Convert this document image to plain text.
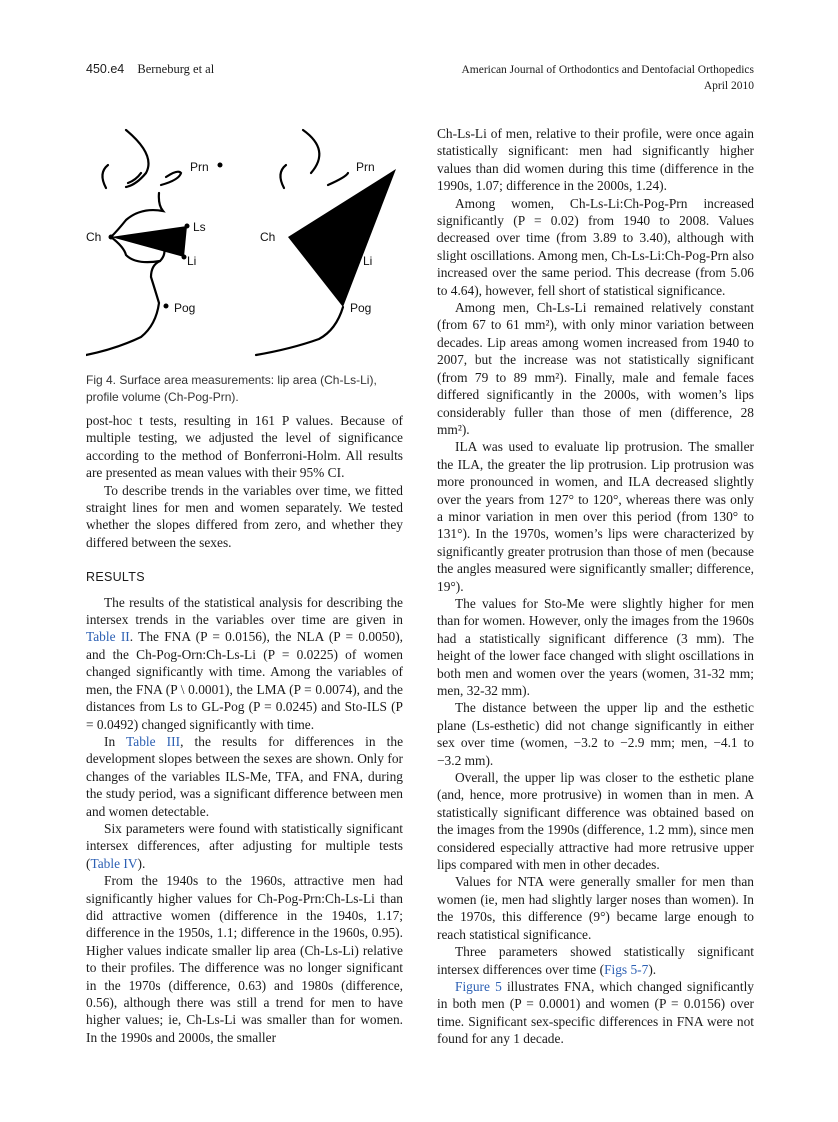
450.e4 Berneburg et al	American Journal of Orthodontics and Dentofacial Orthopedics
April 2010
Prn
Ls
Ch
Li
Pog
Prn
Ch
Li
Pog
Fig 4. Surface area measurements: lip area (Ch-Ls-Li), profile volume (Ch-Pog-Prn).

post-hoc t tests, resulting in 161 P values. Because of multiple testing, we adjusted the level of significance according to the method of Bonferroni-Holm. All results are presented as mean values with their 95% CI.

To describe trends in the variables over time, we fitted straight lines for men and women separately. We tested whether the slopes differed from zero, and whether they differed between the sexes.

RESULTS

The results of the statistical analysis for describing the intersex trends in the variables over time are given in Table II. The FNA (P = 0.0156), the NLA (P = 0.0050), and the Ch-Pog-Orn:Ch-Ls-Li (P = 0.0225) of women changed significantly with time. Among the variables of men, the FNA (P \ 0.0001), the LMA (P = 0.0074), and the distances from Ls to GL-Pog (P = 0.0245) and Sto-ILS (P = 0.0492) changed significantly with time.

In Table III, the results for differences in the development slopes between the sexes are shown. Only for changes of the variables ILS-Me, TFA, and FNA, during the study period, was a significant difference between men and women detectable.

Six parameters were found with statistically significant intersex differences, after adjusting for multiple tests (Table IV).

From the 1940s to the 1960s, attractive men had significantly higher values for Ch-Pog-Prn:Ch-Ls-Li than did attractive women (difference in the 1940s, 1.17; difference in the 1950s, 1.1; difference in the 1960s, 0.95). Higher values indicate smaller lip area (Ch-Ls-Li) relative to their profiles. The difference was no longer significant in the 1970s (difference, 0.63) and 1980s (difference, 0.56), although there was still a trend for men to have higher values; ie, Ch-Ls-Li was smaller than for women. In the 1990s and 2000s, the smaller

Ch-Ls-Li of men, relative to their profile, were once again statistically significant: men had significantly higher values than did women during this time (difference in the 1990s, 1.07; difference in the 2000s, 1.24).

Among women, Ch-Ls-Li:Ch-Pog-Prn increased significantly (P = 0.02) from 1940 to 2008. Values decreased over time (from 3.89 to 3.40), although with slight oscillations. Among men, Ch-Ls-Li:Ch-Pog-Prn also increased over the same period. This decrease (from 5.06 to 4.64), however, fell short of statistical significance.

Among men, Ch-Ls-Li remained relatively constant (from 67 to 61 mm²), with only minor variation between decades. Lip areas among women increased from 1940 to 2007, but the increase was not statistically significant (from 79 to 89 mm²). Finally, male and female faces differed significantly in the 2000s, with women’s lips considerably fuller than those of men (difference, 28 mm²).

ILA was used to evaluate lip protrusion. The smaller the ILA, the greater the lip protrusion. Lip protrusion was more pronounced in women, and ILA decreased slightly over the years from 127° to 120°, whereas there was only a minor variation in men over this period (from 130° to 131°). In the 1970s, women’s lips were characterized by significantly greater protrusion than those of men (because the angles measured were significantly smaller; difference, 19°).

The values for Sto-Me were slightly higher for men than for women. However, only the images from the 1960s had a statistically significant difference (3 mm). The height of the lower face changed with slight oscillations in both men and women over the years (women, 31-32 mm; men, 32-32 mm).

The distance between the upper lip and the esthetic plane (Ls-esthetic) did not change significantly in either sex over time (women, −3.2 to −2.9 mm; men, −4.1 to −3.2 mm).

Overall, the upper lip was closer to the esthetic plane (and, hence, more protrusive) in women than in men. A statistically significant difference was obtained based on the images from the 1990s (difference, 1.2 mm), since men considered especially attractive had more retrusive upper lips compared with men in other decades.

Values for NTA were generally smaller for men than women (ie, men had slightly larger noses than women). In the 1970s, this difference (9°) became large enough to reach statistical significance.

Three parameters showed statistically significant intersex differences over time (Figs 5-7).

Figure 5 illustrates FNA, which changed significantly in both men (P = 0.0001) and women (P = 0.0156) over time. Significant sex-specific differences in FNA were not found for any 1 decade.
